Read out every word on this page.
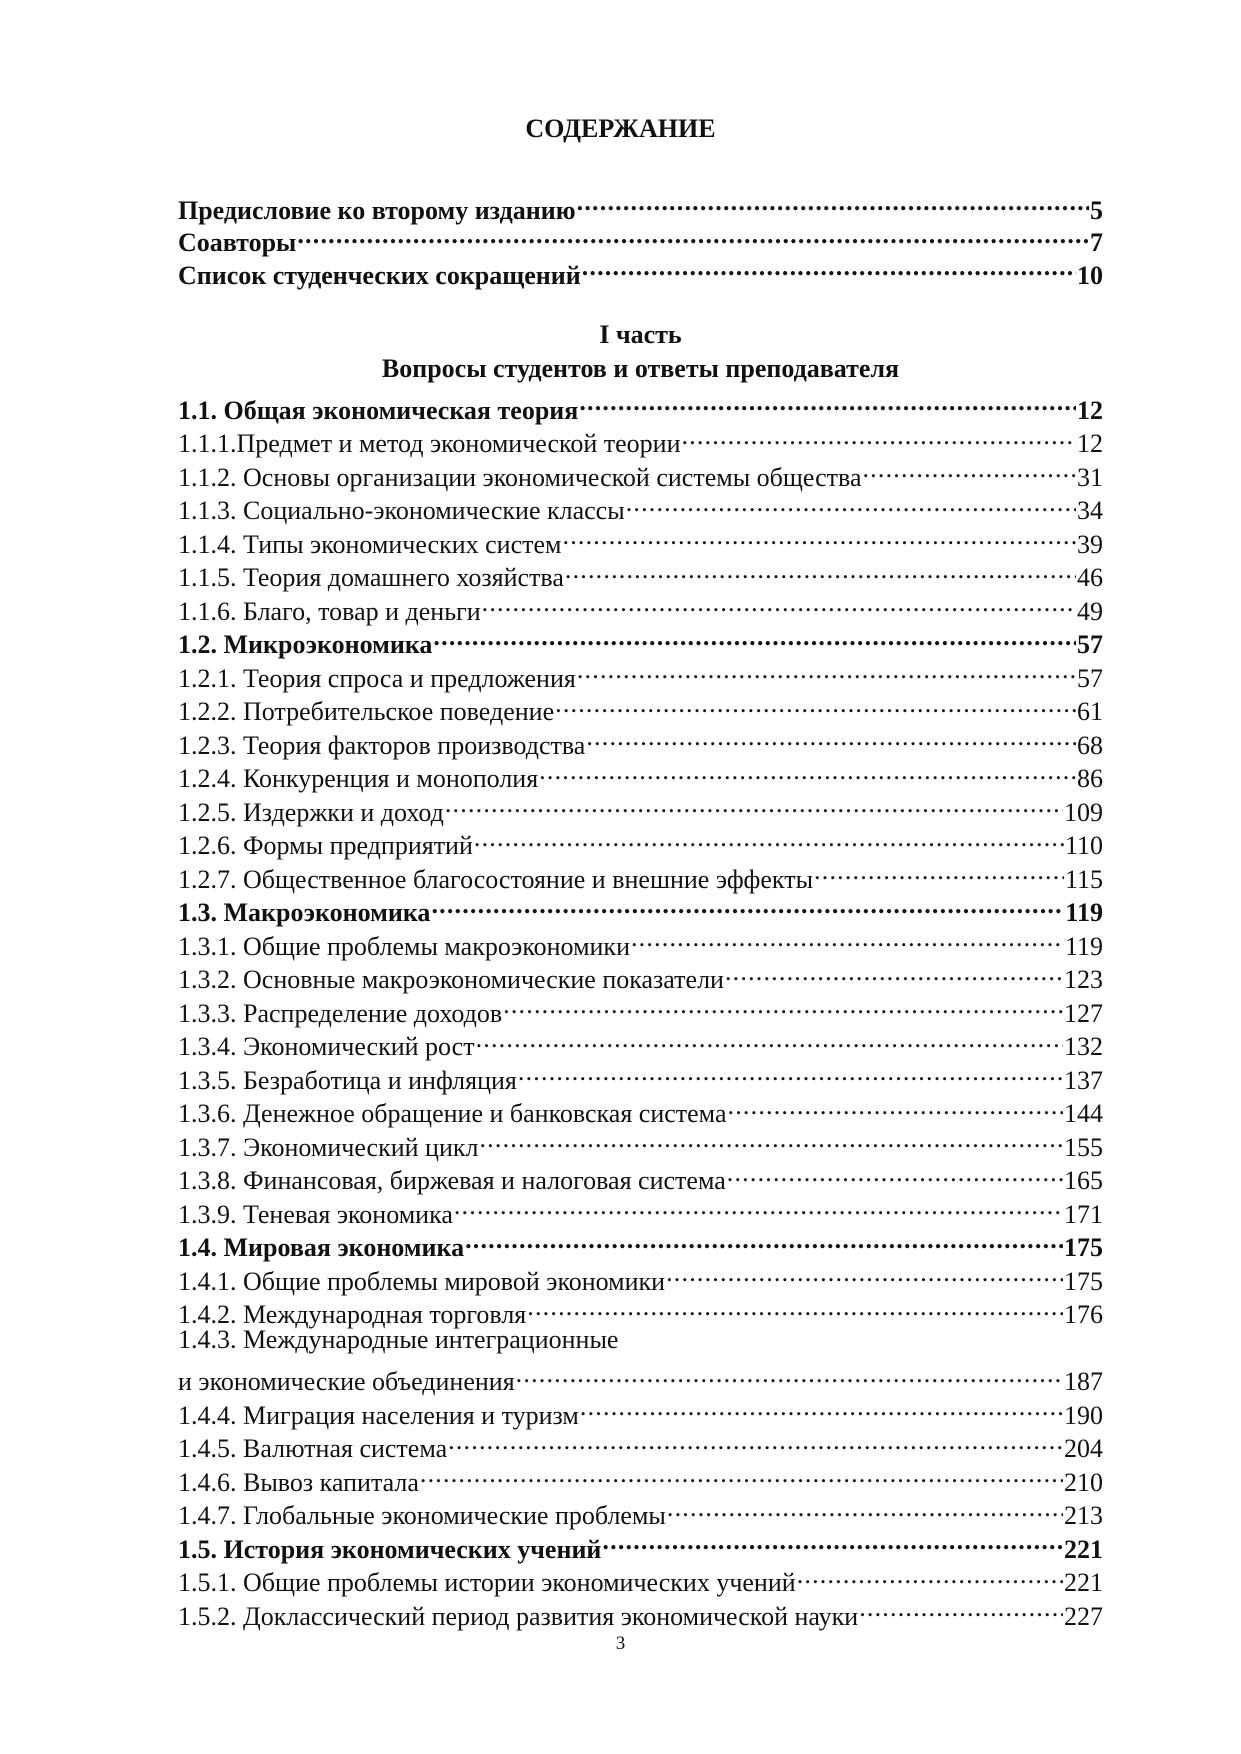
СОДЕРЖАНИЕ
Предисловие ко второму изданию .....	5
Соавторы .....	7
Список студенческих сокращений .....	10
I часть
Вопросы студентов и ответы преподавателя
1.1. Общая экономическая теория .....	12
1.1.1.Предмет и метод экономической теории .....	12
1.1.2. Основы организации экономической системы общества .....	31
1.1.3. Социально-экономические классы .....	34
1.1.4. Типы экономических систем .....	39
1.1.5. Теория домашнего хозяйства .....	46
1.1.6. Благо, товар и деньги .....	49
1.2. Микроэкономика .....	57
1.2.1. Теория спроса и предложения .....	57
1.2.2. Потребительское поведение .....	61
1.2.3. Теория факторов производства .....	68
1.2.4. Конкуренция и монополия .....	86
1.2.5. Издержки и доход .....	109
1.2.6. Формы предприятий .....	110
1.2.7. Общественное благосостояние и внешние эффекты .....	115
1.3. Макроэкономика .....	119
1.3.1. Общие проблемы макроэкономики .....	119
1.3.2. Основные макроэкономические показатели .....	123
1.3.3. Распределение доходов .....	127
1.3.4. Экономический рост .....	132
1.3.5. Безработица и инфляция .....	137
1.3.6. Денежное обращение и банковская система .....	144
1.3.7. Экономический цикл .....	155
1.3.8. Финансовая, биржевая и налоговая система .....	165
1.3.9. Теневая экономика .....	171
1.4. Мировая экономика .....	175
1.4.1. Общие проблемы мировой экономики .....	175
1.4.2. Международная торговля .....	176
1.4.3. Международные интеграционные
и экономические объединения .....	187
1.4.4. Миграция населения и туризм .....	190
1.4.5. Валютная система .....	204
1.4.6. Вывоз капитала .....	210
1.4.7. Глобальные экономические проблемы .....	213
1.5. История экономических учений .....	221
1.5.1. Общие проблемы истории экономических учений .....	221
1.5.2. Доклассический период развития экономической науки .....	227
3
